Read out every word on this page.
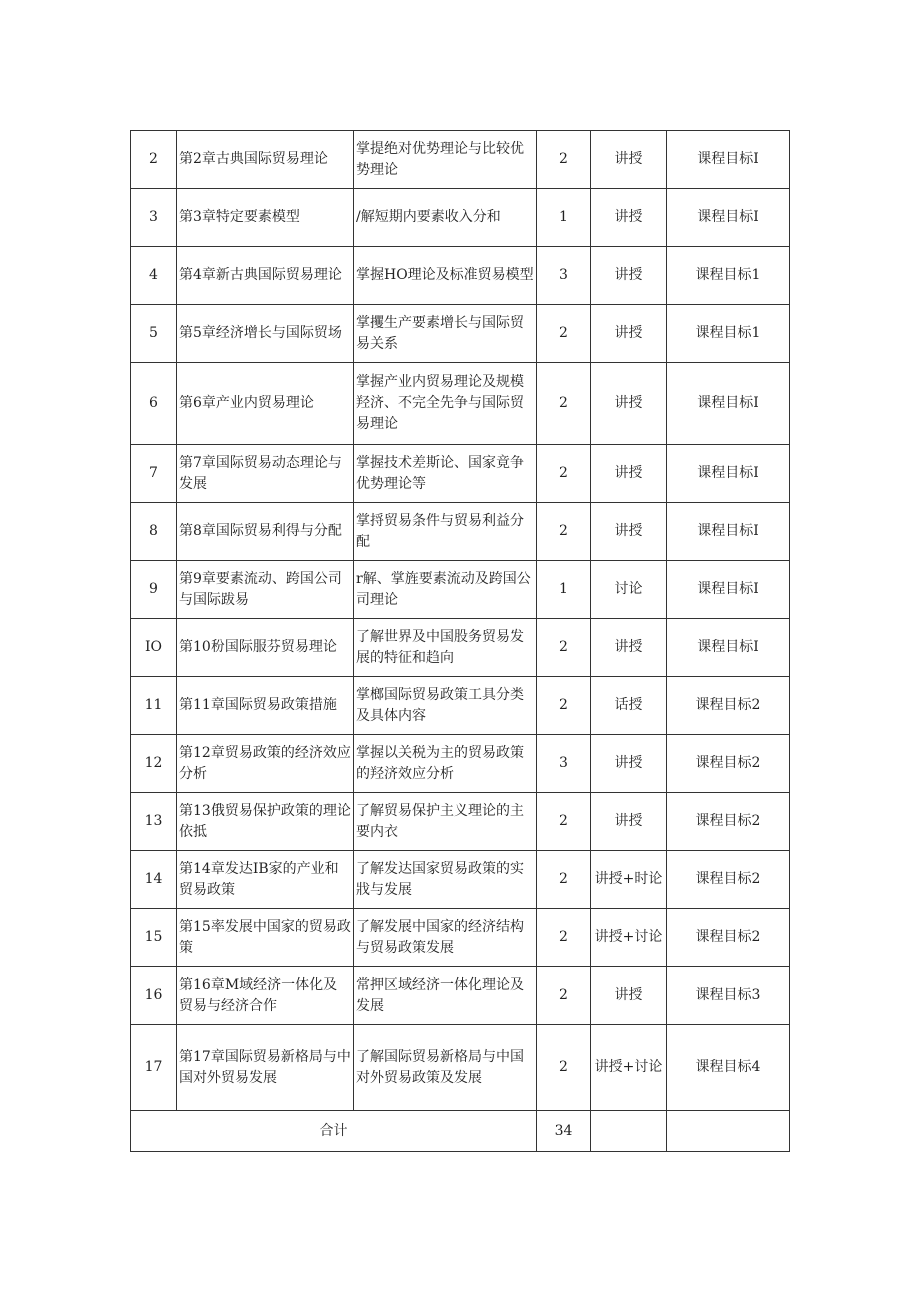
2	第2章古典国际贸易理论	掌提绝对优势理论与比较优势理论	2	讲授	课程目标I
3	第3章特定要素模型	/解短期内要素收入分和	1	讲授	课程目标I
4	第4章新古典国际贸易理论	掌握HO理论及标准贸易模型	3	讲授	课程目标1
5	第5章经济增长与国际贸场	掌攫生产要素增长与国际贸易关系	2	讲授	课程目标1
6	第6章产业内贸易理论	掌握产业内贸易理论及规模羟济、不完全先争与国际贸易理论	2	讲授	课程目标I
7	第7章国际贸易动态理论与发展	掌握技术差斯论、国家竟争优势理论等	2	讲授	课程目标I
8	第8章国际贸易利得与分配	掌捋贸易条件与贸易利益分配	2	讲授	课程目标I
9	第9章要素流动、跨国公司与国际跋易	r解、掌旌要素流动及跨国公司理论	1	讨论	课程目标I
IO	第10秎国际服芬贸易理论	了解世界及中国股务贸易发展的特征和趋向	2	讲授	课程目标I
11	第11章国际贸易政策措施	掌榔国际贸易政策工具分类及具体内容	2	话授	课程目标2
12	第12章贸易政策的经济效应分析	掌握以关税为主的贸易政策的羟济效应分析	3	讲授	课程目标2
13	第13俄贸易保护政策的理论依抵	了解贸易保护主义理论的主要内衣	2	讲授	课程目标2
14	第14章发达IB家的产业和贸易政策	了解发达国家贸易政策的实戕与发展	2	讲授+时论	课程目标2
15	第15率发展中国家的贸易政策	了解发展中国家的经济结构与贸易政策发展	2	讲授+讨论	课程目标2
16	第16章M域经济一体化及贸易与经济合作	常押区域经济一体化理论及发展	2	讲授	课程目标3
17	第17章国际贸易新格局与中国对外贸易发展	了解国际贸易新格局与中国对外贸易政策及发展	2	讲授+讨论	课程目标4
合计			34		
